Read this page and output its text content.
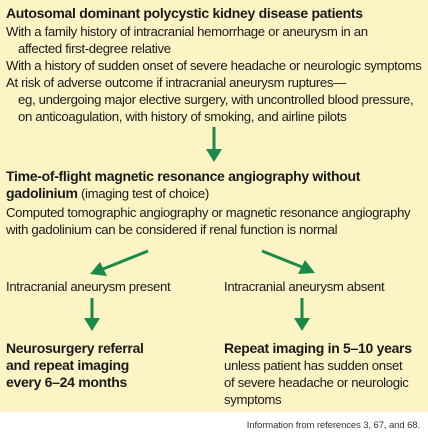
Autosomal dominant polycystic kidney disease patients
With a family history of intracranial hemorrhage or aneurysm in an
affected first-degree relative
With a history of sudden onset of severe headache or neurologic symptoms
At risk of adverse outcome if intracranial aneurysm ruptures—
eg, undergoing major elective surgery, with uncontrolled blood pressure,
on anticoagulation, with history of smoking, and airline pilots
Time-of-flight magnetic resonance angiography without
gadolinium (imaging test of choice)
Computed tomographic angiography or magnetic resonance angiography
with gadolinium can be considered if renal function is normal
Intracranial aneurysm present	Intracranial aneurysm absent
Neurosurgery referral
and repeat imaging
every 6–24 months
Repeat imaging in 5–10 years
unless patient has sudden onset
of severe headache or neurologic
symptoms
Information from references 3, 67, and 68.
